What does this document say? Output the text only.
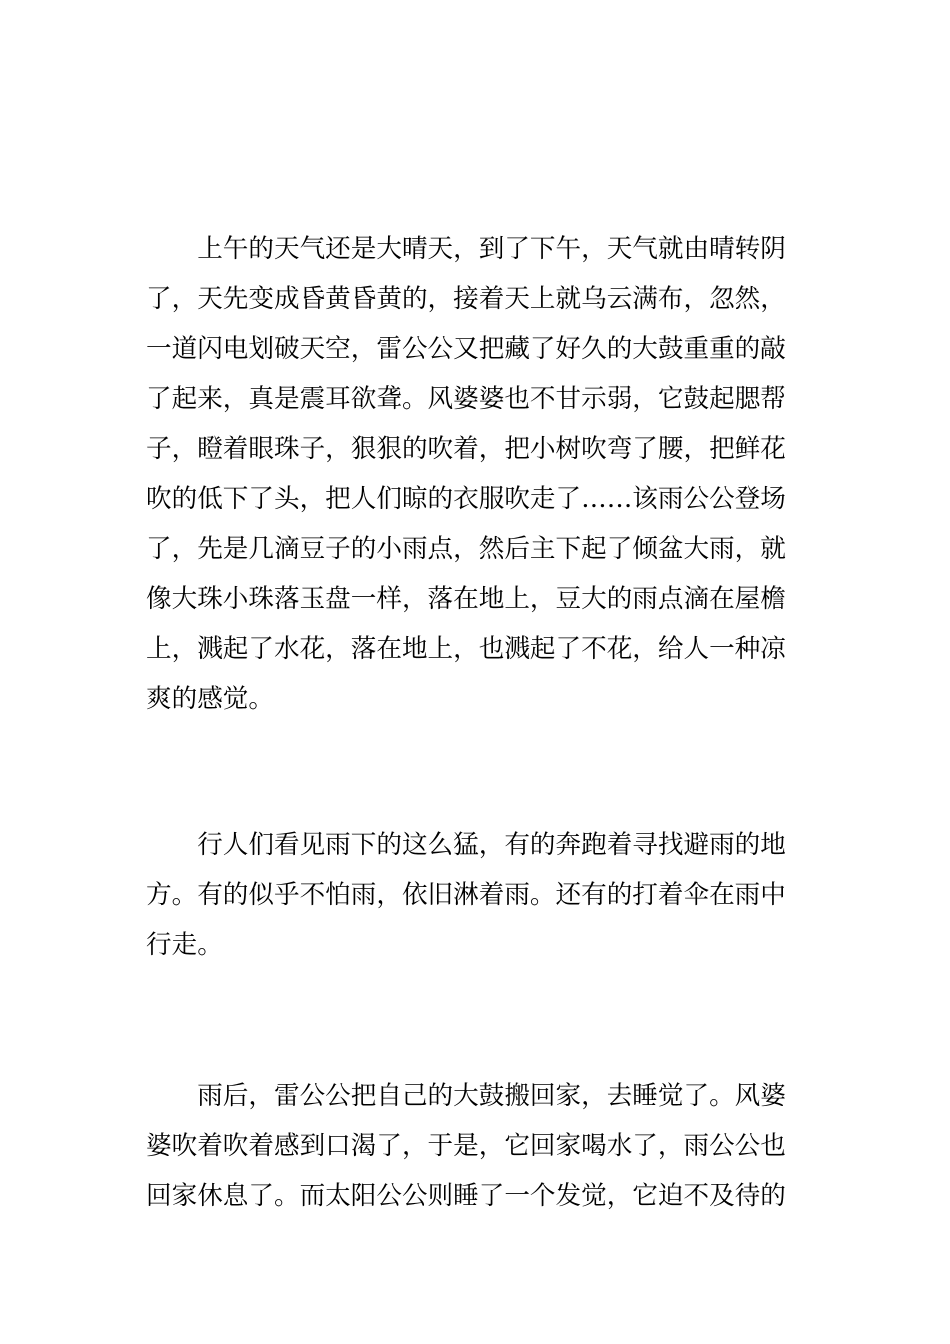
　　上午的天气还是大晴天，到了下午，天气就由晴转阴
了，天先变成昏黄昏黄的，接着天上就乌云满布，忽然，
一道闪电划破天空，雷公公又把藏了好久的大鼓重重的敲
了起来，真是震耳欲聋。风婆婆也不甘示弱，它鼓起腮帮
子，瞪着眼珠子，狠狠的吹着，把小树吹弯了腰，把鲜花
吹的低下了头，把人们晾的衣服吹走了……该雨公公登场
了，先是几滴豆子的小雨点，然后主下起了倾盆大雨，就
像大珠小珠落玉盘一样，落在地上，豆大的雨点滴在屋檐
上，溅起了水花，落在地上，也溅起了不花，给人一种凉
爽的感觉。
　　行人们看见雨下的这么猛，有的奔跑着寻找避雨的地
方。有的似乎不怕雨，依旧淋着雨。还有的打着伞在雨中
行走。
　　雨后，雷公公把自己的大鼓搬回家，去睡觉了。风婆
婆吹着吹着感到口渴了，于是，它回家喝水了，雨公公也
回家休息了。而太阳公公则睡了一个发觉，它迫不及待的
